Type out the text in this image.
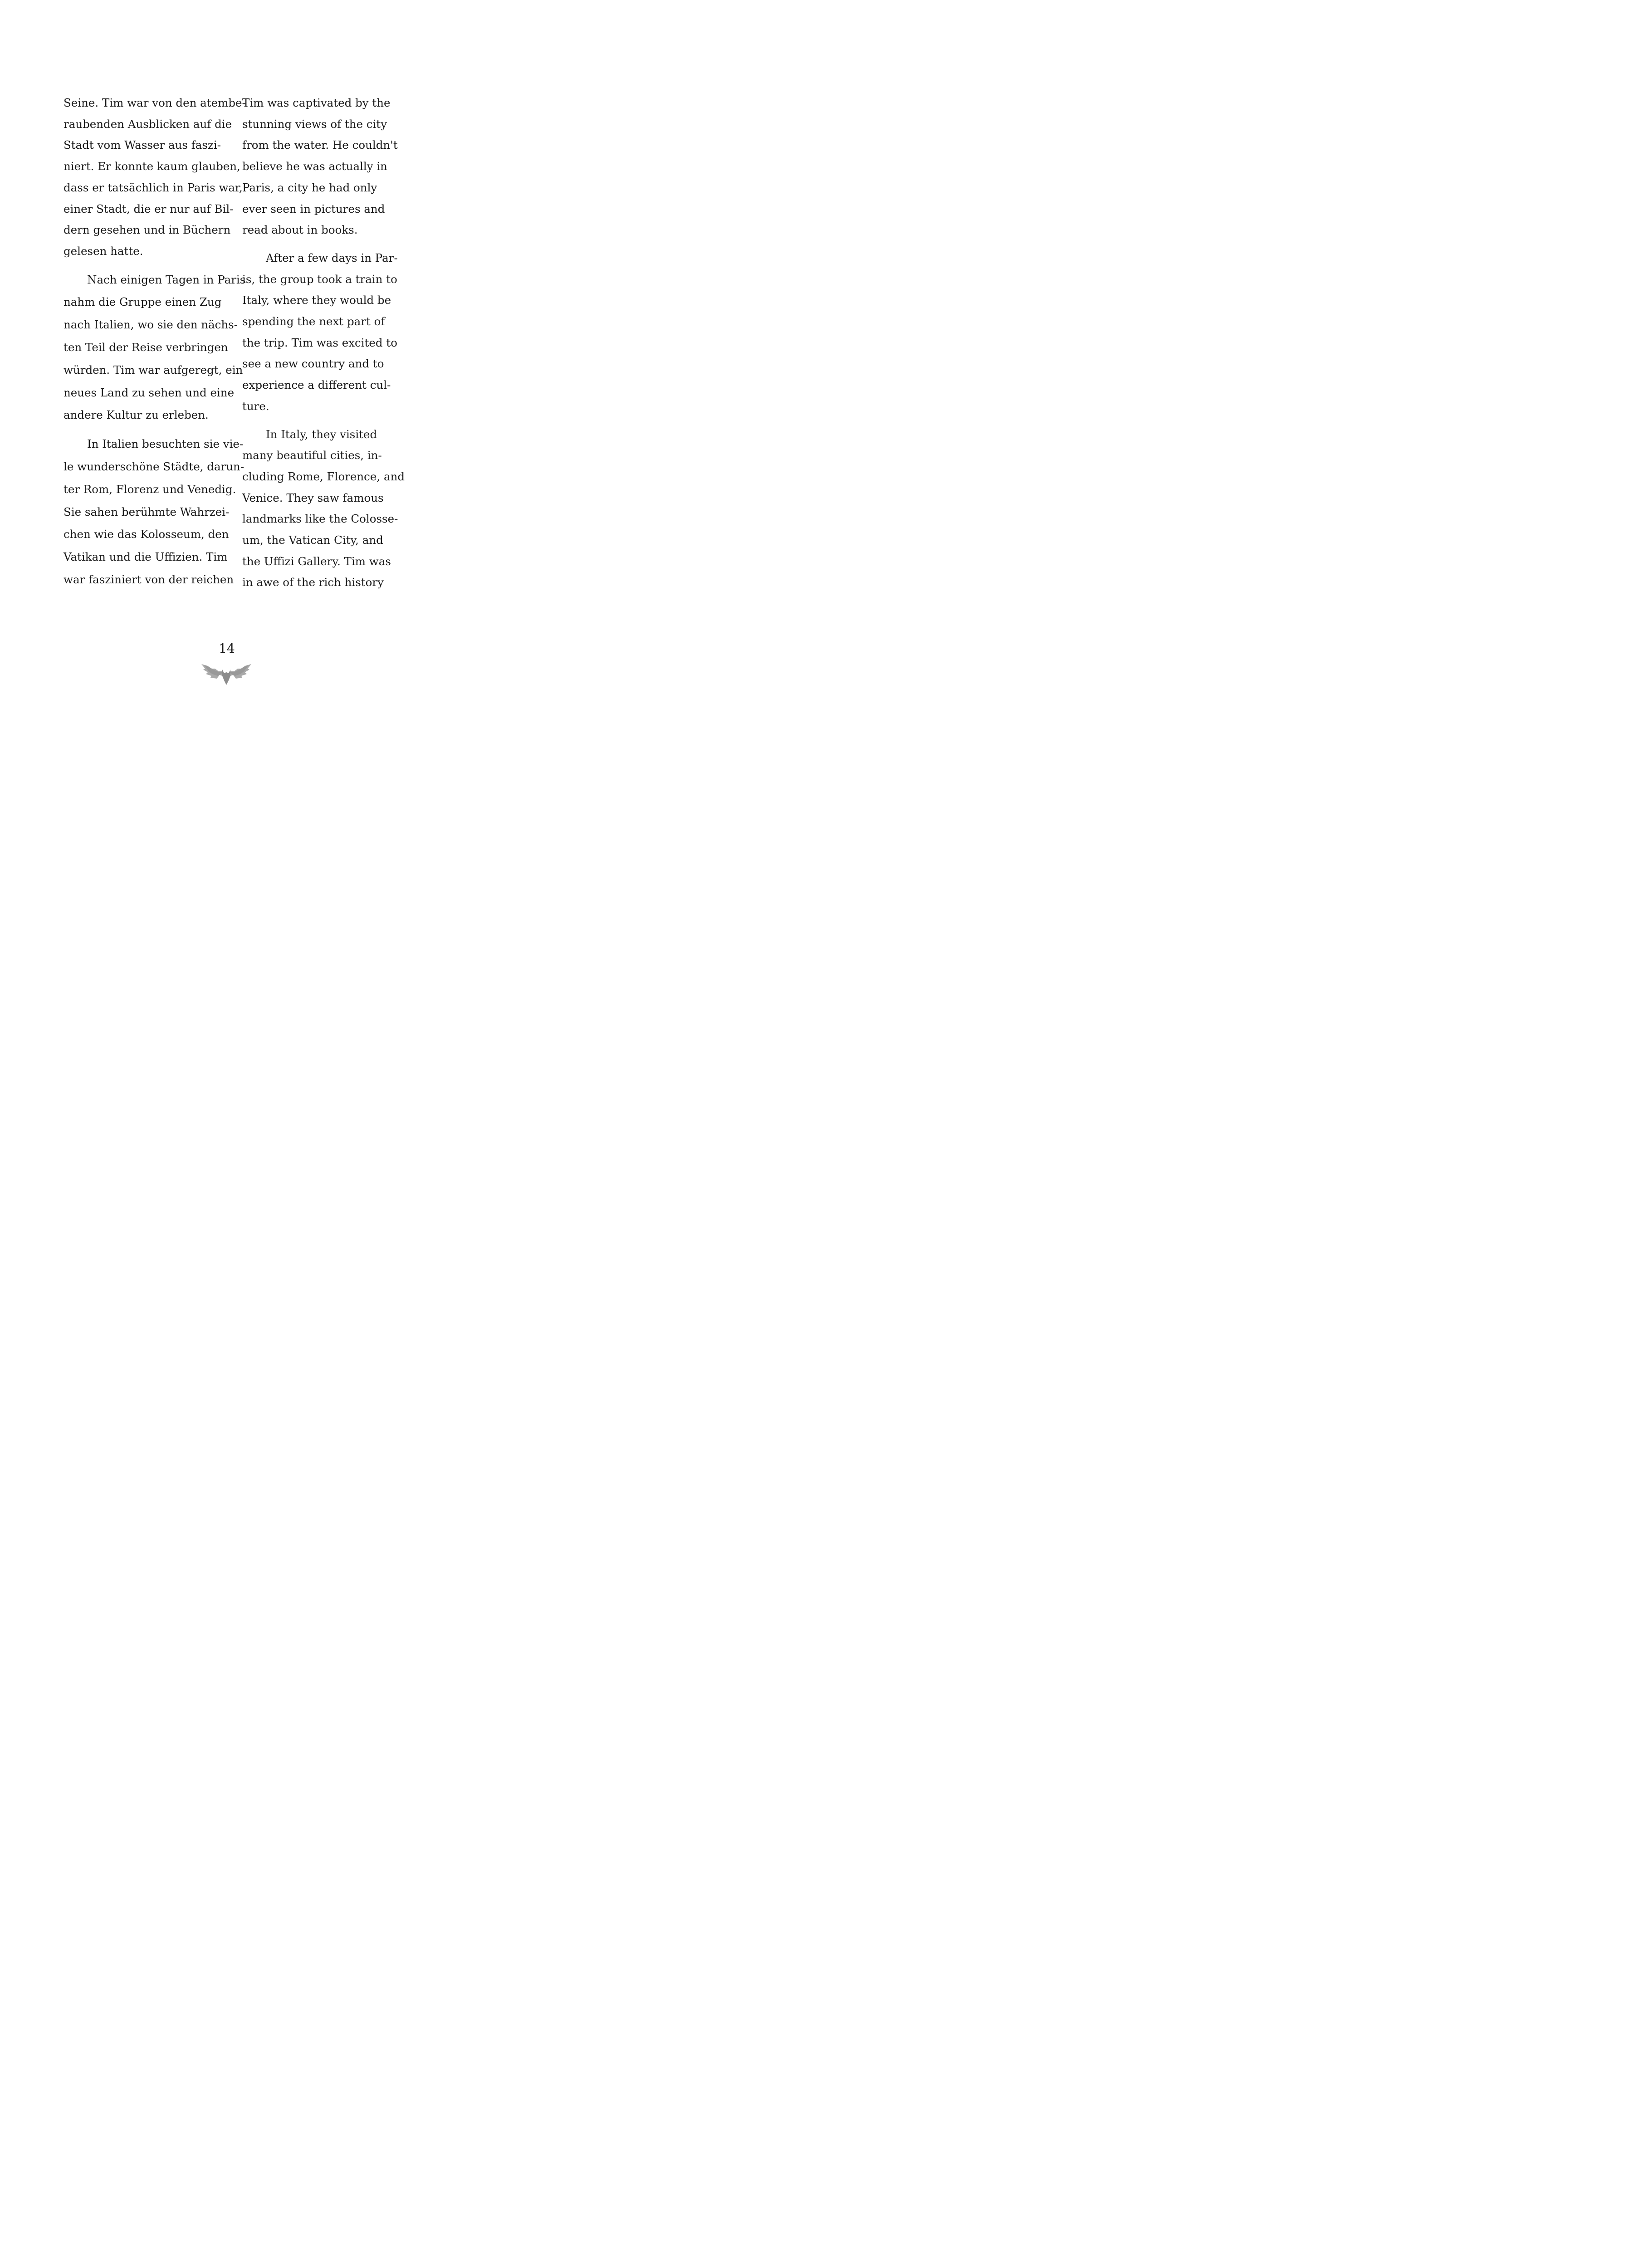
Seine. Tim war von den atembe-
raubenden Ausblicken auf die
Stadt vom Wasser aus faszi-
niert. Er konnte kaum glauben,
dass er tatsächlich in Paris war,
einer Stadt, die er nur auf Bil-
dern gesehen und in Büchern
gelesen hatte.
Nach einigen Tagen in Paris
nahm die Gruppe einen Zug
nach Italien, wo sie den nächs-
ten Teil der Reise verbringen
würden. Tim war aufgeregt, ein
neues Land zu sehen und eine
andere Kultur zu erleben.
In Italien besuchten sie vie-
le wunderschöne Städte, darun-
ter Rom, Florenz und Venedig.
Sie sahen berühmte Wahrzei-
chen wie das Kolosseum, den
Vatikan und die Uffizien. Tim
war fasziniert von der reichen
Tim was captivated by the
stunning views of the city
from the water. He couldn't
believe he was actually in
Paris, a city he had only
ever seen in pictures and
read about in books.
After a few days in Par-
is, the group took a train to
Italy, where they would be
spending the next part of
the trip. Tim was excited to
see a new country and to
experience a different cul-
ture.
In Italy, they visited
many beautiful cities, in-
cluding Rome, Florence, and
Venice. They saw famous
landmarks like the Colosse-
um, the Vatican City, and
the Uffizi Gallery. Tim was
in awe of the rich history
14
